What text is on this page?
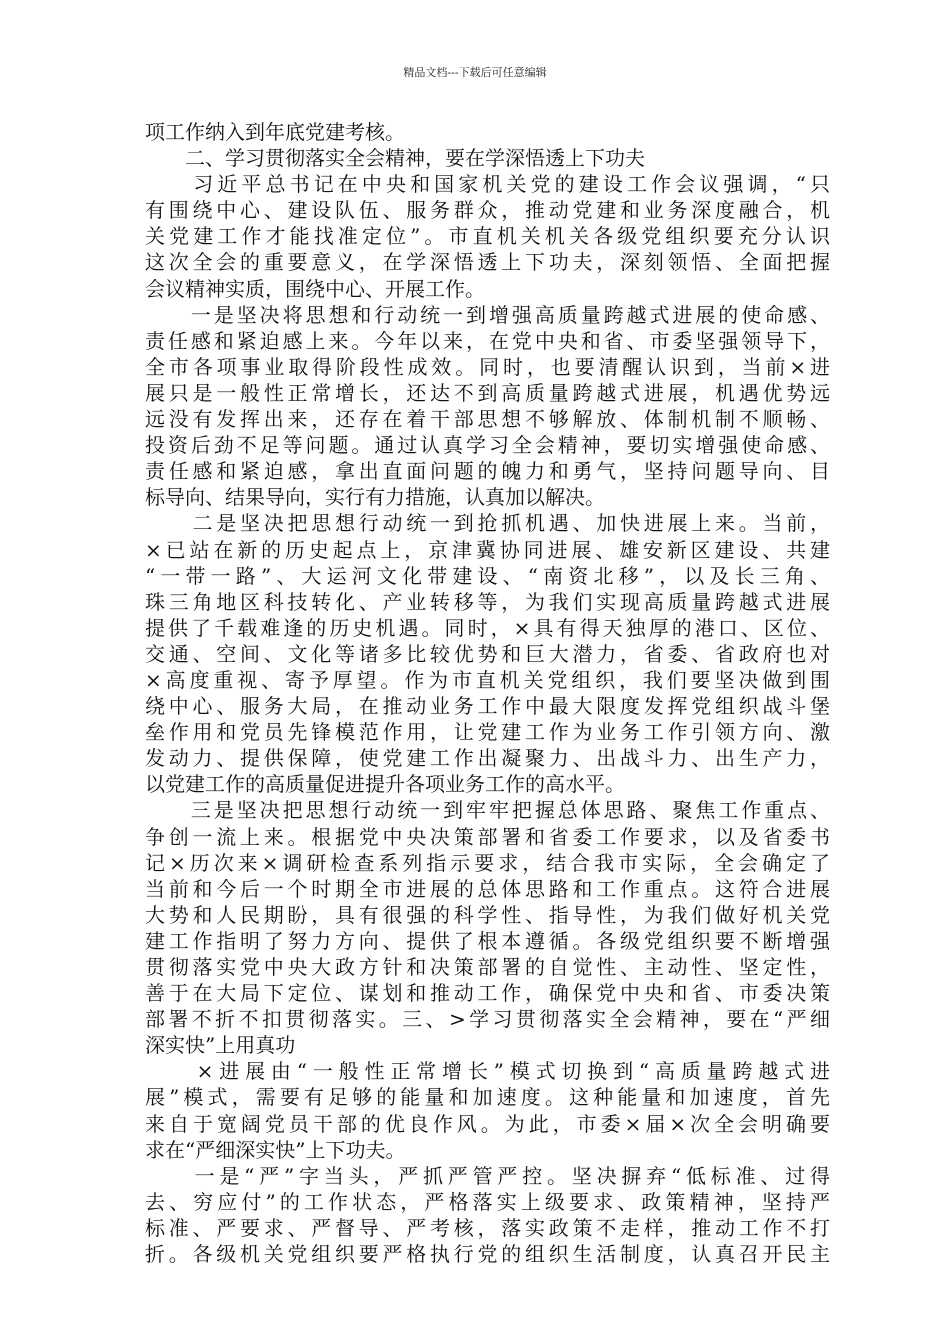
精品文档---下载后可任意编辑
项工作纳入到年底党建考核。
　　二、学习贯彻落实全会精神，要在学深悟透上下功夫
　　习近平总书记在中央和国家机关党的建设工作会议强调，“只
有围绕中心、建设队伍、服务群众，推动党建和业务深度融合，机
关党建工作才能找准定位”。市直机关机关各级党组织要充分认识
这次全会的重要意义，在学深悟透上下功夫，深刻领悟、全面把握
会议精神实质，围绕中心、开展工作。
　　一是坚决将思想和行动统一到增强高质量跨越式进展的使命感、
责任感和紧迫感上来。今年以来，在党中央和省、市委坚强领导下，
全市各项事业取得阶段性成效。同时，也要清醒认识到，当前×进
展只是一般性正常增长，还达不到高质量跨越式进展，机遇优势远
远没有发挥出来，还存在着干部思想不够解放、体制机制不顺畅、
投资后劲不足等问题。通过认真学习全会精神，要切实增强使命感、
责任感和紧迫感，拿出直面问题的魄力和勇气，坚持问题导向、目
标导向、结果导向，实行有力措施，认真加以解决。
　　二是坚决把思想行动统一到抢抓机遇、加快进展上来。当前，
×已站在新的历史起点上，京津冀协同进展、雄安新区建设、共建
“一带一路”、大运河文化带建设、“南资北移”，以及长三角、
珠三角地区科技转化、产业转移等，为我们实现高质量跨越式进展
提供了千载难逢的历史机遇。同时，×具有得天独厚的港口、区位、
交通、空间、文化等诸多比较优势和巨大潜力，省委、省政府也对
×高度重视、寄予厚望。作为市直机关党组织，我们要坚决做到围
绕中心、服务大局，在推动业务工作中最大限度发挥党组织战斗堡
垒作用和党员先锋模范作用，让党建工作为业务工作引领方向、激
发动力、提供保障，使党建工作出凝聚力、出战斗力、出生产力，
以党建工作的高质量促进提升各项业务工作的高水平。
　　三是坚决把思想行动统一到牢牢把握总体思路、聚焦工作重点、
争创一流上来。根据党中央决策部署和省委工作要求，以及省委书
记×历次来×调研检查系列指示要求，结合我市实际，全会确定了
当前和今后一个时期全市进展的总体思路和工作重点。这符合进展
大势和人民期盼，具有很强的科学性、指导性，为我们做好机关党
建工作指明了努力方向、提供了根本遵循。各级党组织要不断增强
贯彻落实党中央大政方针和决策部署的自觉性、主动性、坚定性，
善于在大局下定位、谋划和推动工作，确保党中央和省、市委决策
部署不折不扣贯彻落实。三、>学习贯彻落实全会精神，要在“严细
深实快”上用真功
　　×进展由“一般性正常增长”模式切换到“高质量跨越式进
展”模式，需要有足够的能量和加速度。这种能量和加速度，首先
来自于宽阔党员干部的优良作风。为此，市委×届×次全会明确要
求在“严细深实快”上下功夫。
　　一是“严”字当头，严抓严管严控。坚决摒弃“低标准、过得
去、穷应付”的工作状态，严格落实上级要求、政策精神，坚持严
标准、严要求、严督导、严考核，落实政策不走样，推动工作不打
折。各级机关党组织要严格执行党的组织生活制度，认真召开民主
